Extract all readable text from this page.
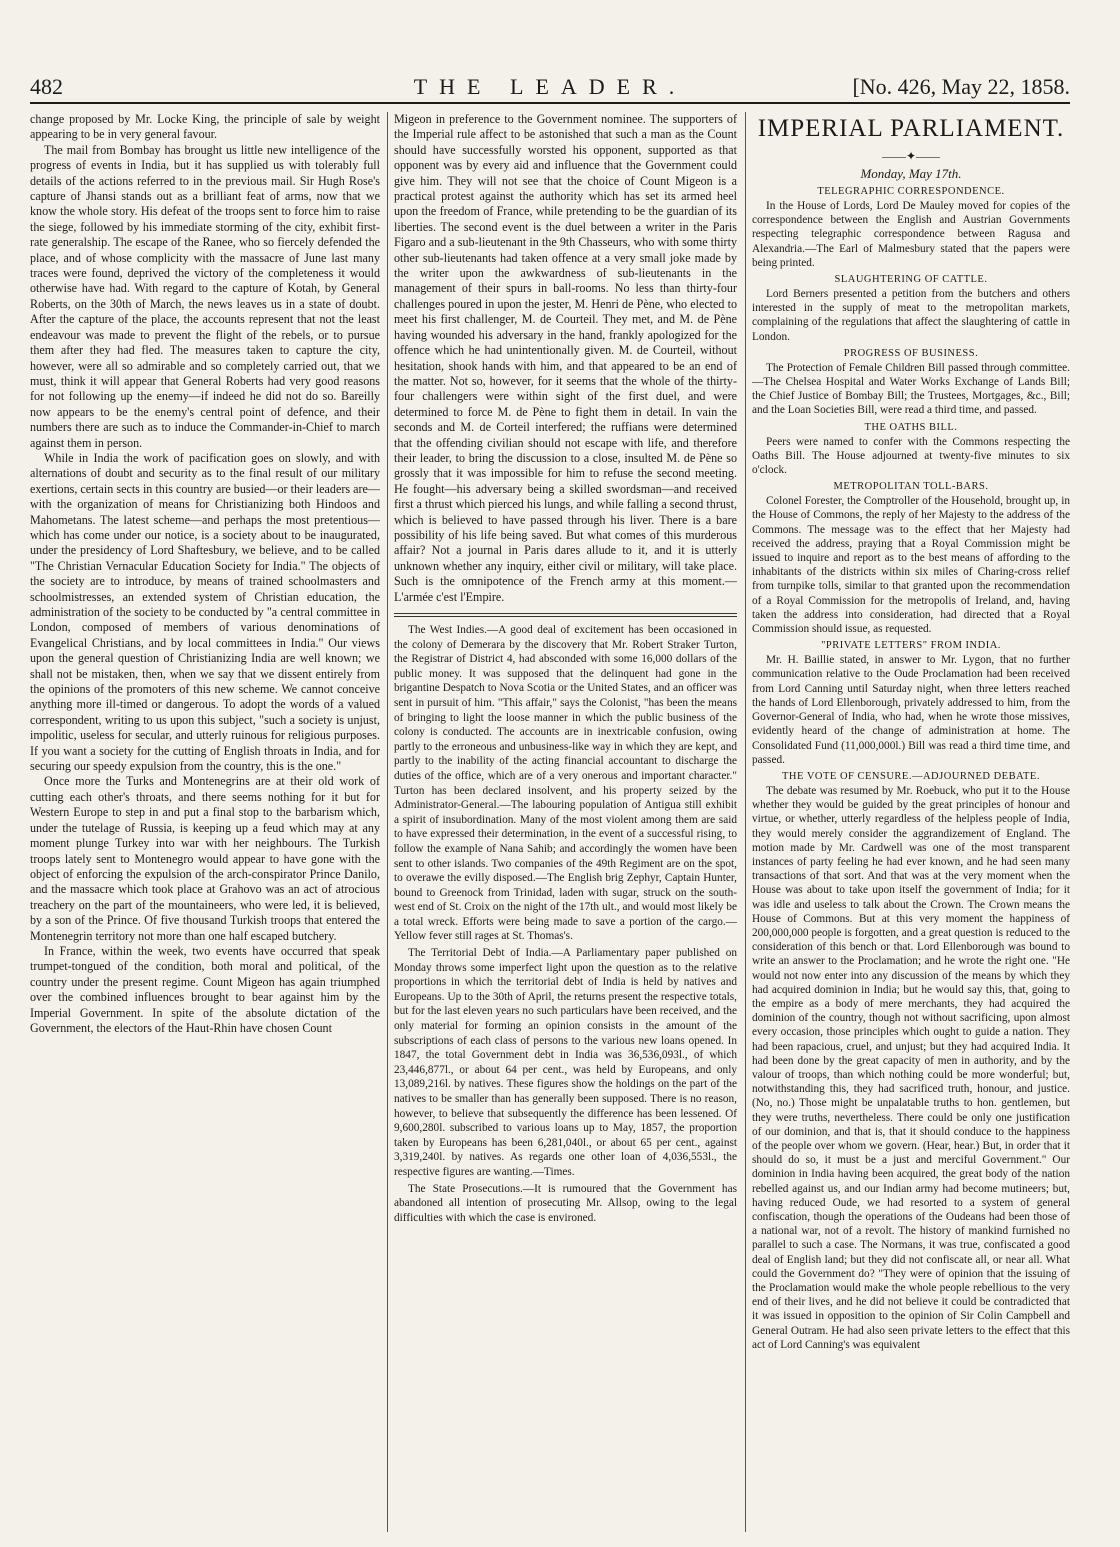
482	THE LEADER.	[No. 426, May 22, 1858.

change proposed by Mr. Locke King, the principle of sale by weight appearing to be in very general favour.

The mail from Bombay has brought us little new intelligence of the progress of events in India, but it has supplied us with tolerably full details of the actions referred to in the previous mail. Sir Hugh Rose's capture of Jhansi stands out as a brilliant feat of arms, now that we know the whole story. His defeat of the troops sent to force him to raise the siege, followed by his immediate storming of the city, exhibit first-rate generalship. The escape of the Ranee, who so fiercely defended the place, and of whose complicity with the massacre of June last many traces were found, deprived the victory of the completeness it would otherwise have had. With regard to the capture of Kotah, by General Roberts, on the 30th of March, the news leaves us in a state of doubt. After the capture of the place, the accounts represent that not the least endeavour was made to prevent the flight of the rebels, or to pursue them after they had fled. The measures taken to capture the city, however, were all so admirable and so completely carried out, that we must, think it will appear that General Roberts had very good reasons for not following up the enemy—if indeed he did not do so. Bareilly now appears to be the enemy's central point of defence, and their numbers there are such as to induce the Commander-in-Chief to march against them in person.

While in India the work of pacification goes on slowly, and with alternations of doubt and security as to the final result of our military exertions, certain sects in this country are busied—or their leaders are—with the organization of means for Christianizing both Hindoos and Mahometans. The latest scheme—and perhaps the most pretentious—which has come under our notice, is a society about to be inaugurated, under the presidency of Lord Shaftesbury, we believe, and to be called "The Christian Vernacular Education Society for India." The objects of the society are to introduce, by means of trained schoolmasters and schoolmistresses, an extended system of Christian education, the administration of the society to be conducted by "a central committee in London, composed of members of various denominations of Evangelical Christians, and by local committees in India." Our views upon the general question of Christianizing India are well known; we shall not be mistaken, then, when we say that we dissent entirely from the opinions of the promoters of this new scheme. We cannot conceive anything more ill-timed or dangerous. To adopt the words of a valued correspondent, writing to us upon this subject, "such a society is unjust, impolitic, useless for secular, and utterly ruinous for religious purposes. If you want a society for the cutting of English throats in India, and for securing our speedy expulsion from the country, this is the one."

Once more the Turks and Montenegrins are at their old work of cutting each other's throats, and there seems nothing for it but for Western Europe to step in and put a final stop to the barbarism which, under the tutelage of Russia, is keeping up a feud which may at any moment plunge Turkey into war with her neighbours. The Turkish troops lately sent to Montenegro would appear to have gone with the object of enforcing the expulsion of the arch-conspirator Prince Danilo, and the massacre which took place at Grahovo was an act of atrocious treachery on the part of the mountaineers, who were led, it is believed, by a son of the Prince. Of five thousand Turkish troops that entered the Montenegrin territory not more than one half escaped butchery.

In France, within the week, two events have occurred that speak trumpet-tongued of the condition, both moral and political, of the country under the present regime. Count Migeon has again triumphed over the combined influences brought to bear against him by the Imperial Government. In spite of the absolute dictation of the Government, the electors of the Haut-Rhin have chosen Count

Migeon in preference to the Government nominee. The supporters of the Imperial rule affect to be astonished that such a man as the Count should have successfully worsted his opponent, supported as that opponent was by every aid and influence that the Government could give him. They will not see that the choice of Count Migeon is a practical protest against the authority which has set its armed heel upon the freedom of France, while pretending to be the guardian of its liberties. The second event is the duel between a writer in the Paris Figaro and a sub-lieutenant in the 9th Chasseurs, who with some thirty other sub-lieutenants had taken offence at a very small joke made by the writer upon the awkwardness of sub-lieutenants in the management of their spurs in ball-rooms. No less than thirty-four challenges poured in upon the jester, M. Henri de Pène, who elected to meet his first challenger, M. de Courteil. They met, and M. de Pène having wounded his adversary in the hand, frankly apologized for the offence which he had unintentionally given. M. de Courteil, without hesitation, shook hands with him, and that appeared to be an end of the matter. Not so, however, for it seems that the whole of the thirty-four challengers were within sight of the first duel, and were determined to force M. de Pène to fight them in detail. In vain the seconds and M. de Corteil interfered; the ruffians were determined that the offending civilian should not escape with life, and therefore their leader, to bring the discussion to a close, insulted M. de Pène so grossly that it was impossible for him to refuse the second meeting. He fought—his adversary being a skilled swordsman—and received first a thrust which pierced his lungs, and while falling a second thrust, which is believed to have passed through his liver. There is a bare possibility of his life being saved. But what comes of this murderous affair? Not a journal in Paris dares allude to it, and it is utterly unknown whether any inquiry, either civil or military, will take place. Such is the omnipotence of the French army at this moment.— L'armée c'est l'Empire.

The West Indies.—A good deal of excitement has been occasioned in the colony of Demerara by the discovery that Mr. Robert Straker Turton, the Registrar of District 4, had absconded with some 16,000 dollars of the public money. It was supposed that the delinquent had gone in the brigantine Despatch to Nova Scotia or the United States, and an officer was sent in pursuit of him. "This affair," says the Colonist, "has been the means of bringing to light the loose manner in which the public business of the colony is conducted. The accounts are in inextricable confusion, owing partly to the erroneous and unbusiness-like way in which they are kept, and partly to the inability of the acting financial accountant to discharge the duties of the office, which are of a very onerous and important character." Turton has been declared insolvent, and his property seized by the Administrator-General.—The labouring population of Antigua still exhibit a spirit of insubordination. Many of the most violent among them are said to have expressed their determination, in the event of a successful rising, to follow the example of Nana Sahib; and accordingly the women have been sent to other islands. Two companies of the 49th Regiment are on the spot, to overawe the evilly disposed.—The English brig Zephyr, Captain Hunter, bound to Greenock from Trinidad, laden with sugar, struck on the south-west end of St. Croix on the night of the 17th ult., and would most likely be a total wreck. Efforts were being made to save a portion of the cargo.—Yellow fever still rages at St. Thomas's.

The Territorial Debt of India.—A Parliamentary paper published on Monday throws some imperfect light upon the question as to the relative proportions in which the territorial debt of India is held by natives and Europeans. Up to the 30th of April, the returns present the respective totals, but for the last eleven years no such particulars have been received, and the only material for forming an opinion consists in the amount of the subscriptions of each class of persons to the various new loans opened. In 1847, the total Government debt in India was 36,536,093l., of which 23,446,877l., or about 64 per cent., was held by Europeans, and only 13,089,216l. by natives. These figures show the holdings on the part of the natives to be smaller than has generally been supposed. There is no reason, however, to believe that subsequently the difference has been lessened. Of 9,600,280l. subscribed to various loans up to May, 1857, the proportion taken by Europeans has been 6,281,040l., or about 65 per cent., against 3,319,240l. by natives. As regards one other loan of 4,036,553l., the respective figures are wanting.—Times.

The State Prosecutions.—It is rumoured that the Government has abandoned all intention of prosecuting Mr. Allsop, owing to the legal difficulties with which the case is environed.

IMPERIAL PARLIAMENT.
――✦――
Monday, May 17th.
TELEGRAPHIC CORRESPONDENCE.

In the House of Lords, Lord De Mauley moved for copies of the correspondence between the English and Austrian Governments respecting telegraphic correspondence between Ragusa and Alexandria.—The Earl of Malmesbury stated that the papers were being printed.

SLAUGHTERING OF CATTLE.

Lord Berners presented a petition from the butchers and others interested in the supply of meat to the metropolitan markets, complaining of the regulations that affect the slaughtering of cattle in London.

PROGRESS OF BUSINESS.

The Protection of Female Children Bill passed through committee.—The Chelsea Hospital and Water Works Exchange of Lands Bill; the Chief Justice of Bombay Bill; the Trustees, Mortgages, &c., Bill; and the Loan Societies Bill, were read a third time, and passed.

THE OATHS BILL.

Peers were named to confer with the Commons respecting the Oaths Bill. The House adjourned at twenty-five minutes to six o'clock.

METROPOLITAN TOLL-BARS.

Colonel Forester, the Comptroller of the Household, brought up, in the House of Commons, the reply of her Majesty to the address of the Commons. The message was to the effect that her Majesty had received the address, praying that a Royal Commission might be issued to inquire and report as to the best means of affording to the inhabitants of the districts within six miles of Charing-cross relief from turnpike tolls, similar to that granted upon the recommendation of a Royal Commission for the metropolis of Ireland, and, having taken the address into consideration, had directed that a Royal Commission should issue, as requested.

"PRIVATE LETTERS" FROM INDIA.

Mr. H. Baillie stated, in answer to Mr. Lygon, that no further communication relative to the Oude Proclamation had been received from Lord Canning until Saturday night, when three letters reached the hands of Lord Ellenborough, privately addressed to him, from the Governor-General of India, who had, when he wrote those missives, evidently heard of the change of administration at home. The Consolidated Fund (11,000,000l.) Bill was read a third time time, and passed.

THE VOTE OF CENSURE.—ADJOURNED DEBATE.

The debate was resumed by Mr. Roebuck, who put it to the House whether they would be guided by the great principles of honour and virtue, or whether, utterly regardless of the helpless people of India, they would merely consider the aggrandizement of England. The motion made by Mr. Cardwell was one of the most transparent instances of party feeling he had ever known, and he had seen many transactions of that sort. And that was at the very moment when the House was about to take upon itself the government of India; for it was idle and useless to talk about the Crown. The Crown means the House of Commons. But at this very moment the happiness of 200,000,000 people is forgotten, and a great question is reduced to the consideration of this bench or that. Lord Ellenborough was bound to write an answer to the Proclamation; and he wrote the right one. "He would not now enter into any discussion of the means by which they had acquired dominion in India; but he would say this, that, going to the empire as a body of mere merchants, they had acquired the dominion of the country, though not without sacrificing, upon almost every occasion, those principles which ought to guide a nation. They had been rapacious, cruel, and unjust; but they had acquired India. It had been done by the great capacity of men in authority, and by the valour of troops, than which nothing could be more wonderful; but, notwithstanding this, they had sacrificed truth, honour, and justice. (No, no.) Those might be unpalatable truths to hon. gentlemen, but they were truths, nevertheless. There could be only one justification of our dominion, and that is, that it should conduce to the happiness of the people over whom we govern. (Hear, hear.) But, in order that it should do so, it must be a just and merciful Government." Our dominion in India having been acquired, the great body of the nation rebelled against us, and our Indian army had become mutineers; but, having reduced Oude, we had resorted to a system of general confiscation, though the operations of the Oudeans had been those of a national war, not of a revolt. The history of mankind furnished no parallel to such a case. The Normans, it was true, confiscated a good deal of English land; but they did not confiscate all, or near all. What could the Government do? "They were of opinion that the issuing of the Proclamation would make the whole people rebellious to the very end of their lives, and he did not believe it could be contradicted that it was issued in opposition to the opinion of Sir Colin Campbell and General Outram. He had also seen private letters to the effect that this act of Lord Canning's was equivalent
